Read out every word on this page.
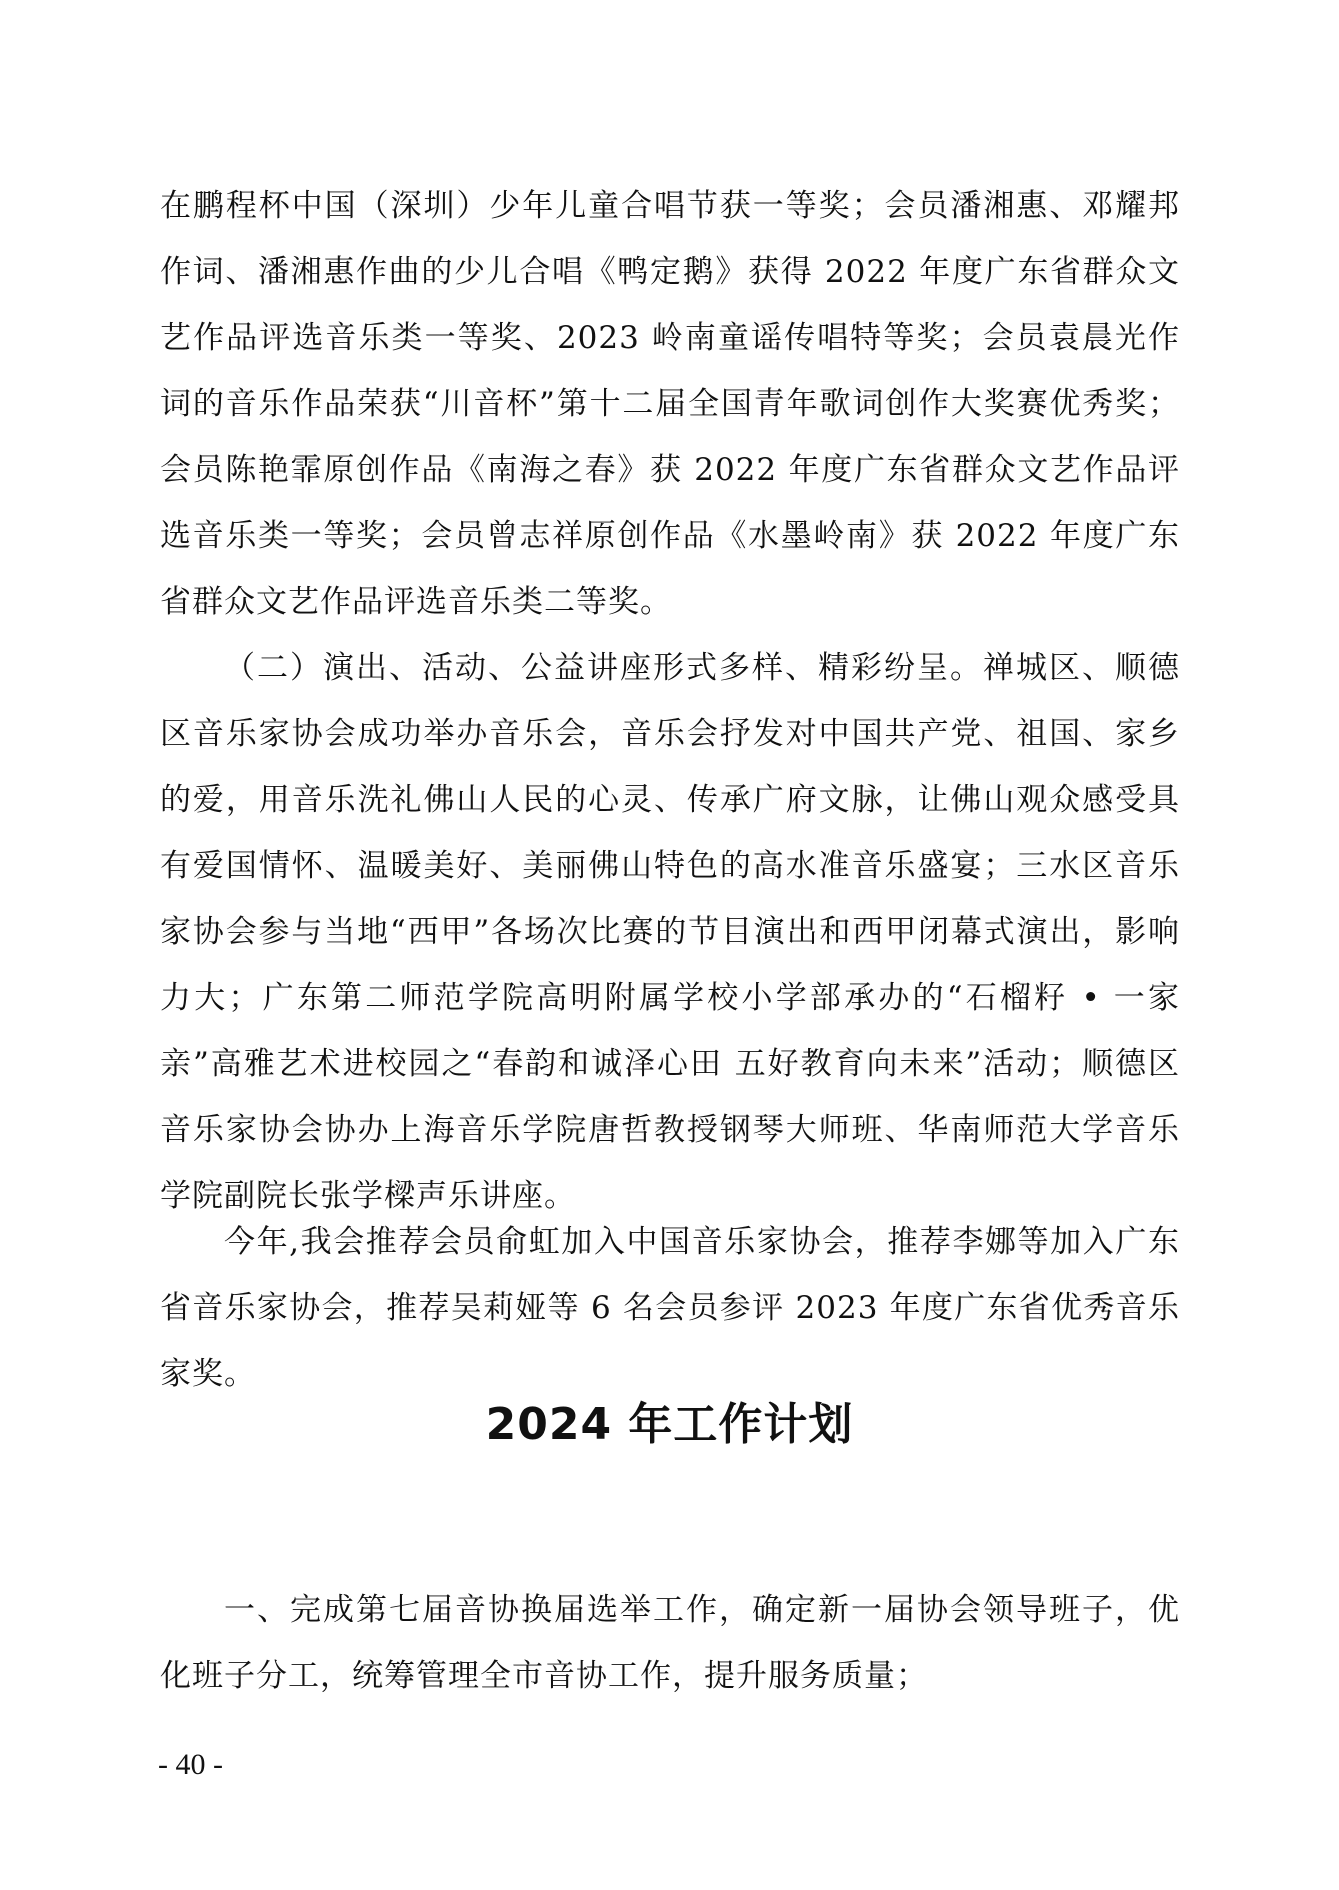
在鹏程杯中国（深圳）少年儿童合唱节获一等奖；会员潘湘惠、邓耀邦作词、潘湘惠作曲的少儿合唱《鸭定鹅》获得 2022 年度广东省群众文艺作品评选音乐类一等奖、2023 岭南童谣传唱特等奖；会员袁晨光作词的音乐作品荣获“川音杯”第十二届全国青年歌词创作大奖赛优秀奖；会员陈艳霏原创作品《南海之春》获 2022 年度广东省群众文艺作品评选音乐类一等奖；会员曾志祥原创作品《水墨岭南》获 2022 年度广东省群众文艺作品评选音乐类二等奖。

（二）演出、活动、公益讲座形式多样、精彩纷呈。禅城区、顺德区音乐家协会成功举办音乐会，音乐会抒发对中国共产党、祖国、家乡的爱，用音乐洗礼佛山人民的心灵、传承广府文脉，让佛山观众感受具有爱国情怀、温暖美好、美丽佛山特色的高水准音乐盛宴；三水区音乐家协会参与当地“西甲”各场次比赛的节目演出和西甲闭幕式演出，影响力大；广东第二师范学院高明附属学校小学部承办的“石榴籽 • 一家亲”高雅艺术进校园之“春韵和诚泽心田 五好教育向未来”活动；顺德区音乐家协会协办上海音乐学院唐哲教授钢琴大师班、华南师范大学音乐学院副院长张学樑声乐讲座。

今年,我会推荐会员俞虹加入中国音乐家协会，推荐李娜等加入广东省音乐家协会，推荐吴莉娅等 6 名会员参评 2023 年度广东省优秀音乐家奖。

2024 年工作计划

一、完成第七届音协换届选举工作，确定新一届协会领导班子，优化班子分工，统筹管理全市音协工作，提升服务质量；

- 40 -
